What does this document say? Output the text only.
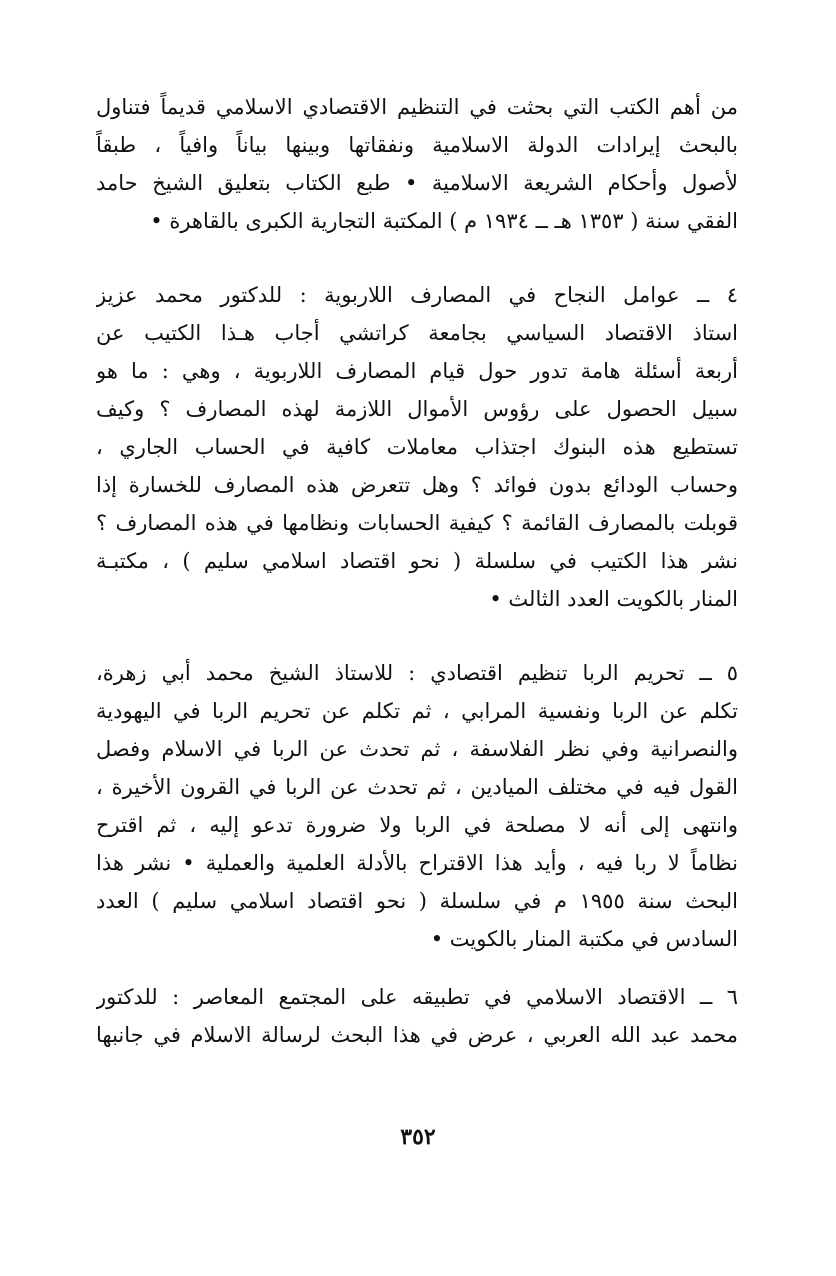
من أهم الكتب التي بحثت في التنظيم الاقتصادي الاسلامي قديماً فتناول
بالبحث إيرادات الدولة الاسلامية ونفقاتها وبينها بياناً وافياً ، طبقاً
لأصول وأحكام الشريعة الاسلامية • طبع الكتاب بتعليق الشيخ حامد
الفقي سنة ( ١٣٥٣ هـ ــ ١٩٣٤ م ) المكتبة التجارية الكبرى بالقاهرة •
٤ ــ عوامل النجاح في المصارف اللاربوية : للدكتور محمد عزيز
استاذ الاقتصاد السياسي بجامعة كراتشي أجاب هـذا الكتيب عن
أربعة أسئلة هامة تدور حول قيام المصارف اللاربوية ، وهي : ما هو
سبيل الحصول على رؤوس الأموال اللازمة لهذه المصارف ؟ وكيف
تستطيع هذه البنوك اجتذاب معاملات كافية في الحساب الجاري ،
وحساب الودائع بدون فوائد ؟ وهل تتعرض هذه المصارف للخسارة إذا
قوبلت بالمصارف القائمة ؟ كيفية الحسابات ونظامها في هذه المصارف ؟
نشر هذا الكتيب في سلسلة ( نحو اقتصاد اسلامي سليم ) ، مكتبـة
المنار بالكويت العدد الثالث •
٥ ــ تحريم الربا تنظيم اقتصادي : للاستاذ الشيخ محمد أبي زهرة،
تكلم عن الربا ونفسية المرابي ، ثم تكلم عن تحريم الربا في اليهودية
والنصرانية وفي نظر الفلاسفة ، ثم تحدث عن الربا في الاسلام وفصل
القول فيه في مختلف الميادين ، ثم تحدث عن الربا في القرون الأخيرة ،
وانتهى إلى أنه لا مصلحة في الربا ولا ضرورة تدعو إليه ، ثم اقترح
نظاماً لا ربا فيه ، وأيد هذا الاقتراح بالأدلة العلمية والعملية • نشر هذا
البحث سنة ١٩٥٥ م في سلسلة ( نحو اقتصاد اسلامي سليم ) العدد
السادس في مكتبة المنار بالكويت •
٦ ــ الاقتصاد الاسلامي في تطبيقه على المجتمع المعاصر : للدكتور
محمد عبد الله العربي ، عرض في هذا البحث لرسالة الاسلام في جانبها
٣٥٢
